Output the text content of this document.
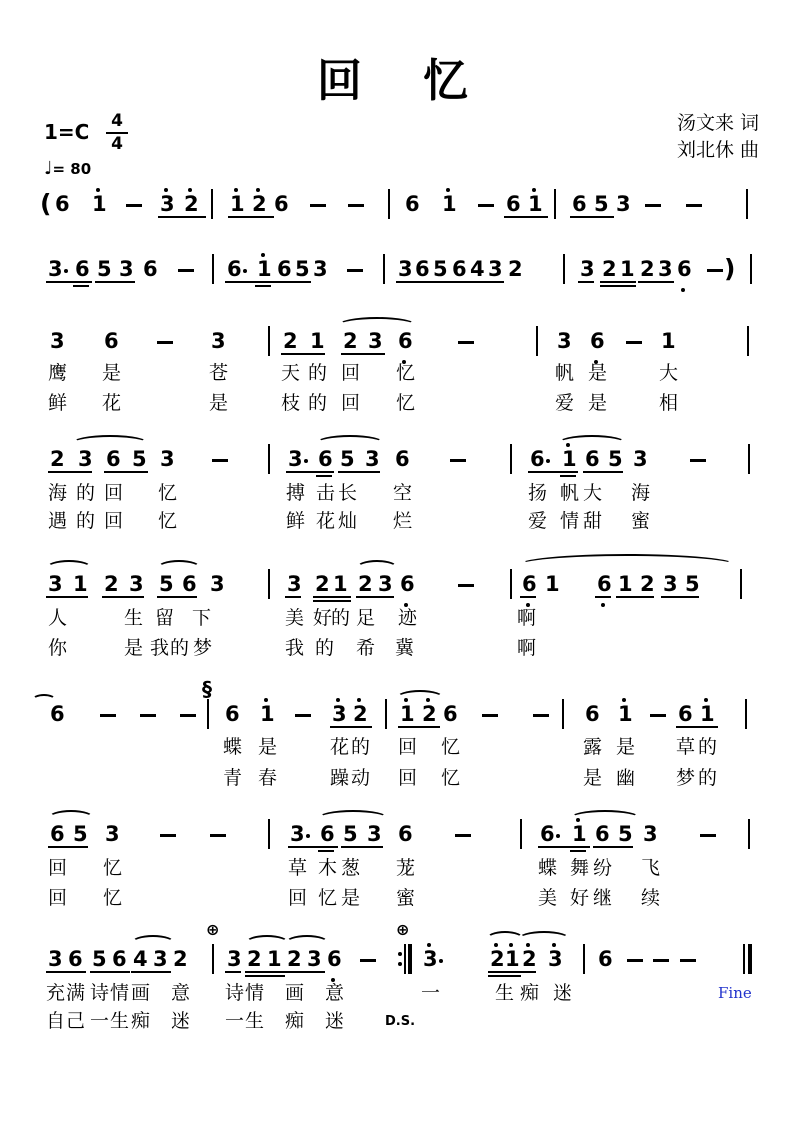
回　忆
1=C 4
4
♩= 80
汤文来 词
刘北休 曲
( 6 1	3 2 1 2 6	6 1 6 1 6 5 3
)
3 6 5 3 6	6 1 6 5 3	3 6 5 6 4 3 2	3 2 1 2 3 6
3 6	3	2 1 2 3 6	3 6	1
鹰 是	苍	天 的 回 忆	帆 是	大
鲜 花	是	枝 的 回 忆	爱 是	相
2 3 6 5 3	3 6 5 3 6	6 1 6 5 3
海 的 回 忆	搏 击 长 空	扬 帆 大 海
遇 的 回 忆	鲜 花 灿 烂	爱 情 甜 蜜
3 1 2 3 5 6 3	3 2 1 2 3 6	6 1 6 1 2 3 5
人	生 留 下	美 好
的 足 迹	啊
你	是 我 的 梦	我 的 希 冀	啊
6	6 1	3 2 1 2 6	6 1 6 1
§
蝶 是	花 的 回 忆	露 是 草 的
青 春	躁 动 回 忆	是 幽 梦 的
6 5 3	3 6 5 3 6	6 1 6 5 3
回 忆	草 木 葱 茏	蝶 舞 纷 飞
回 忆	回 忆 是 蜜	美 好 继 续
3 6 5 6 4 3 2 3 2 1 2 3 6	3 2 1 2 3 6
⊕	⊕
充 满 诗 情 画 意 诗 情 画 意	一	生 痴 迷	Fine
自 己 一 生 痴 迷 一 生 痴 迷	D.S.
